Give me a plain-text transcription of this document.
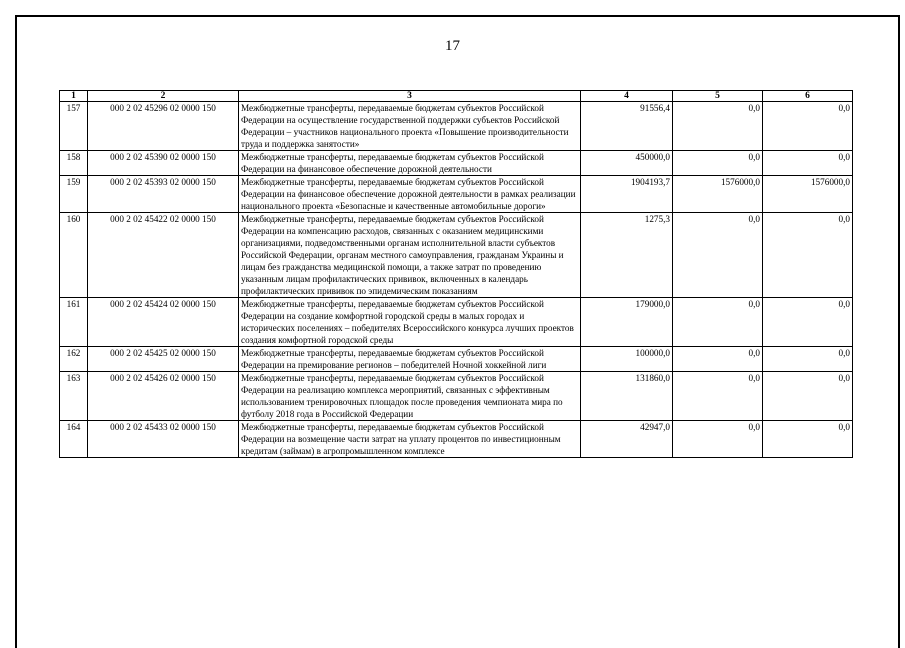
17
1	2	3	4	5	6
157	000 2 02 45296 02 0000 150	Межбюджетные трансферты, передаваемые бюджетам субъектов Российской Федерации на осуществление государственной поддержки субъектов Российской Федерации – участников национального проекта «Повышение производительности труда и поддержка занятости»	91556,4	0,0	0,0
158	000 2 02 45390 02 0000 150	Межбюджетные трансферты, передаваемые бюджетам субъектов Российской Федерации на финансовое обеспечение дорожной деятельности	450000,0	0,0	0,0
159	000 2 02 45393 02 0000 150	Межбюджетные трансферты, передаваемые бюджетам субъектов Российской Федерации на финансовое обеспечение дорожной деятельности в рамках реализации национального проекта «Безопасные и качественные автомобильные дороги»	1904193,7	1576000,0	1576000,0
160	000 2 02 45422 02 0000 150	Межбюджетные трансферты, передаваемые бюджетам субъектов Российской Федерации на компенсацию расходов, связанных с оказанием медицинскими организациями, подведомственными органам исполнительной власти субъектов Российской Федерации, органам местного самоуправления, гражданам Украины и лицам без гражданства медицинской помощи, а также затрат по проведению указанным лицам профилактических прививок, включенных в календарь профилактических прививок по эпидемическим показаниям	1275,3	0,0	0,0
161	000 2 02 45424 02 0000 150	Межбюджетные трансферты, передаваемые бюджетам субъектов Российской Федерации на создание комфортной городской среды в малых городах и исторических поселениях – победителях Всероссийского конкурса лучших проектов создания комфортной городской среды	179000,0	0,0	0,0
162	000 2 02 45425 02 0000 150	Межбюджетные трансферты, передаваемые бюджетам субъектов Российской Федерации на премирование регионов – победителей Ночной хоккейной лиги	100000,0	0,0	0,0
163	000 2 02 45426 02 0000 150	Межбюджетные трансферты, передаваемые бюджетам субъектов Российской Федерации на реализацию комплекса мероприятий, связанных с эффективным использованием тренировочных площадок после проведения чемпионата мира по футболу 2018 года в Российской Федерации	131860,0	0,0	0,0
164	000 2 02 45433 02 0000 150	Межбюджетные трансферты, передаваемые бюджетам субъектов Российской Федерации на возмещение части затрат на уплату процентов по инвестиционным кредитам (займам) в агропромышленном комплексе	42947,0	0,0	0,0
